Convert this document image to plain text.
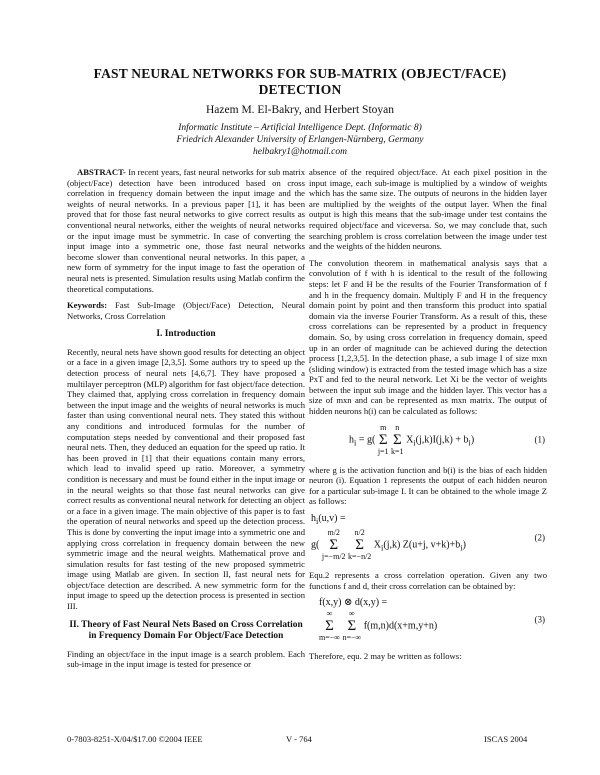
FAST NEURAL NETWORKS FOR SUB-MATRIX (OBJECT/FACE)
DETECTION
Hazem M. El-Bakry, and Herbert Stoyan
Informatic Institute – Artificial Intelligence Dept. (Informatic 8)
Friedrich Alexander University of Erlangen-Nürnberg, Germany
helbakry1@hotmail.com

ABSTRACT- In recent years, fast neural networks for sub matrix (object/Face) detection have been introduced based on cross correlation in frequency domain between the input image and the weights of neural networks. In a previous paper [1], it has been proved that for those fast neural networks to give correct results as conventional neural networks, either the weights of neural networks or the input image must be symmetric. In case of converting the input image into a symmetric one, those fast neural networks become slower than conventional neural networks. In this paper, a new form of symmetry for the input image to fast the operation of neural nets is presented. Simulation results using Matlab confirm the theoretical computations.

Keywords: Fast Sub-Image (Object/Face) Detection, Neural Networks, Cross Correlation

I. Introduction

Recently, neural nets have shown good results for detecting an object or a face in a given image [2,3,5]. Some authors try to speed up the detection process of neural nets [4,6,7]. They have proposed a multilayer perceptron (MLP) algorithm for fast object/face detection. They claimed that, applying cross correlation in frequency domain between the input image and the weights of neural networks is much faster than using conventional neural nets. They stated this without any conditions and introduced formulas for the number of computation steps needed by conventional and their proposed fast neural nets. Then, they deduced an equation for the speed up ratio. It has been proved in [1] that their equations contain many errors, which lead to invalid speed up ratio. Moreover, a symmetry condition is necessary and must be found either in the input image or in the neural weights so that those fast neural networks can give correct results as conventional neural network for detecting an object or a face in a given image. The main objective of this paper is to fast the operation of neural networks and speed up the detection process. This is done by converting the input image into a symmetric one and applying cross correlation in frequency domain between the new symmetric image and the neural weights. Mathematical prove and simulation results for fast testing of the new proposed symmetric image using Matlab are given. In section II, fast neural nets for object/face detection are described. A new symmetric form for the input image to speed up the detection process is presented in section III.

II. Theory of Fast Neural Nets Based on Cross Correlation in Frequency Domain For Object/Face Detection

Finding an object/face in the input image is a search problem. Each sub-image in the input image is tested for presence or

absence of the required object/face. At each pixel position in the input image, each sub-image is multiplied by a window of weights which has the same size. The outputs of neurons in the hidden layer are multiplied by the weights of the output layer. When the final output is high this means that the sub-image under test contains the required object/face and viceversa. So, we may conclude that, such searching problem is cross correlation between the image under test and the weights of the hidden neurons.

The convolution theorem in mathematical analysis says that a convolution of f with h is identical to the result of the following steps: let F and H be the results of the Fourier Transformation of f and h in the frequency domain. Multiply F and H in the frequency domain point by point and then transform this product into spatial domain via the inverse Fourier Transform. As a result of this, these cross correlations can be represented by a product in frequency domain. So, by using cross correlation in frequency domain, speed up in an order of magnitude can be achieved during the detection process [1,2,3,5]. In the detection phase, a sub image I of size mxn (sliding window) is extracted from the tested image which has a size PxT and fed to the neural network. Let Xi be the vector of weights between the input sub image and the hidden layer. This vector has a size of mxn and can be represented as mxn matrix. The output of hidden neurons h(i) can be calculated as follows:

$h_i = g$(
m
Σ
j=1

n
Σ
k=1
$X_i(j,k)I(j,k) + b_i$)	(1)

where g is the activation function and b(i) is the bias of each hidden neuron (i). Equation 1 represents the output of each hidden neuron for a particular sub-image I. It can be obtained to the whole image Z as follows:

$h_i(u,v)$ =
g(
m/2
Σ
j=−m/2

n/2
Σ
k=−n/2
$X_i(j,k)$ Z(u+j, $v+k)+b_i$)
(2)

Equ.2 represents a cross correlation operation. Given any two functions f and d, their cross correlation can be obtained by:

f(x,y) ⊗ d(x,y) =
∞
Σ
m=−∞

∞
Σ
n=−∞
f(m,n)d(x+m,y+n)
(3)

Therefore, equ. 2 may be written as follows:

0-7803-8251-X/04/$17.00 ©2004 IEEE	V - 764	ISCAS 2004
